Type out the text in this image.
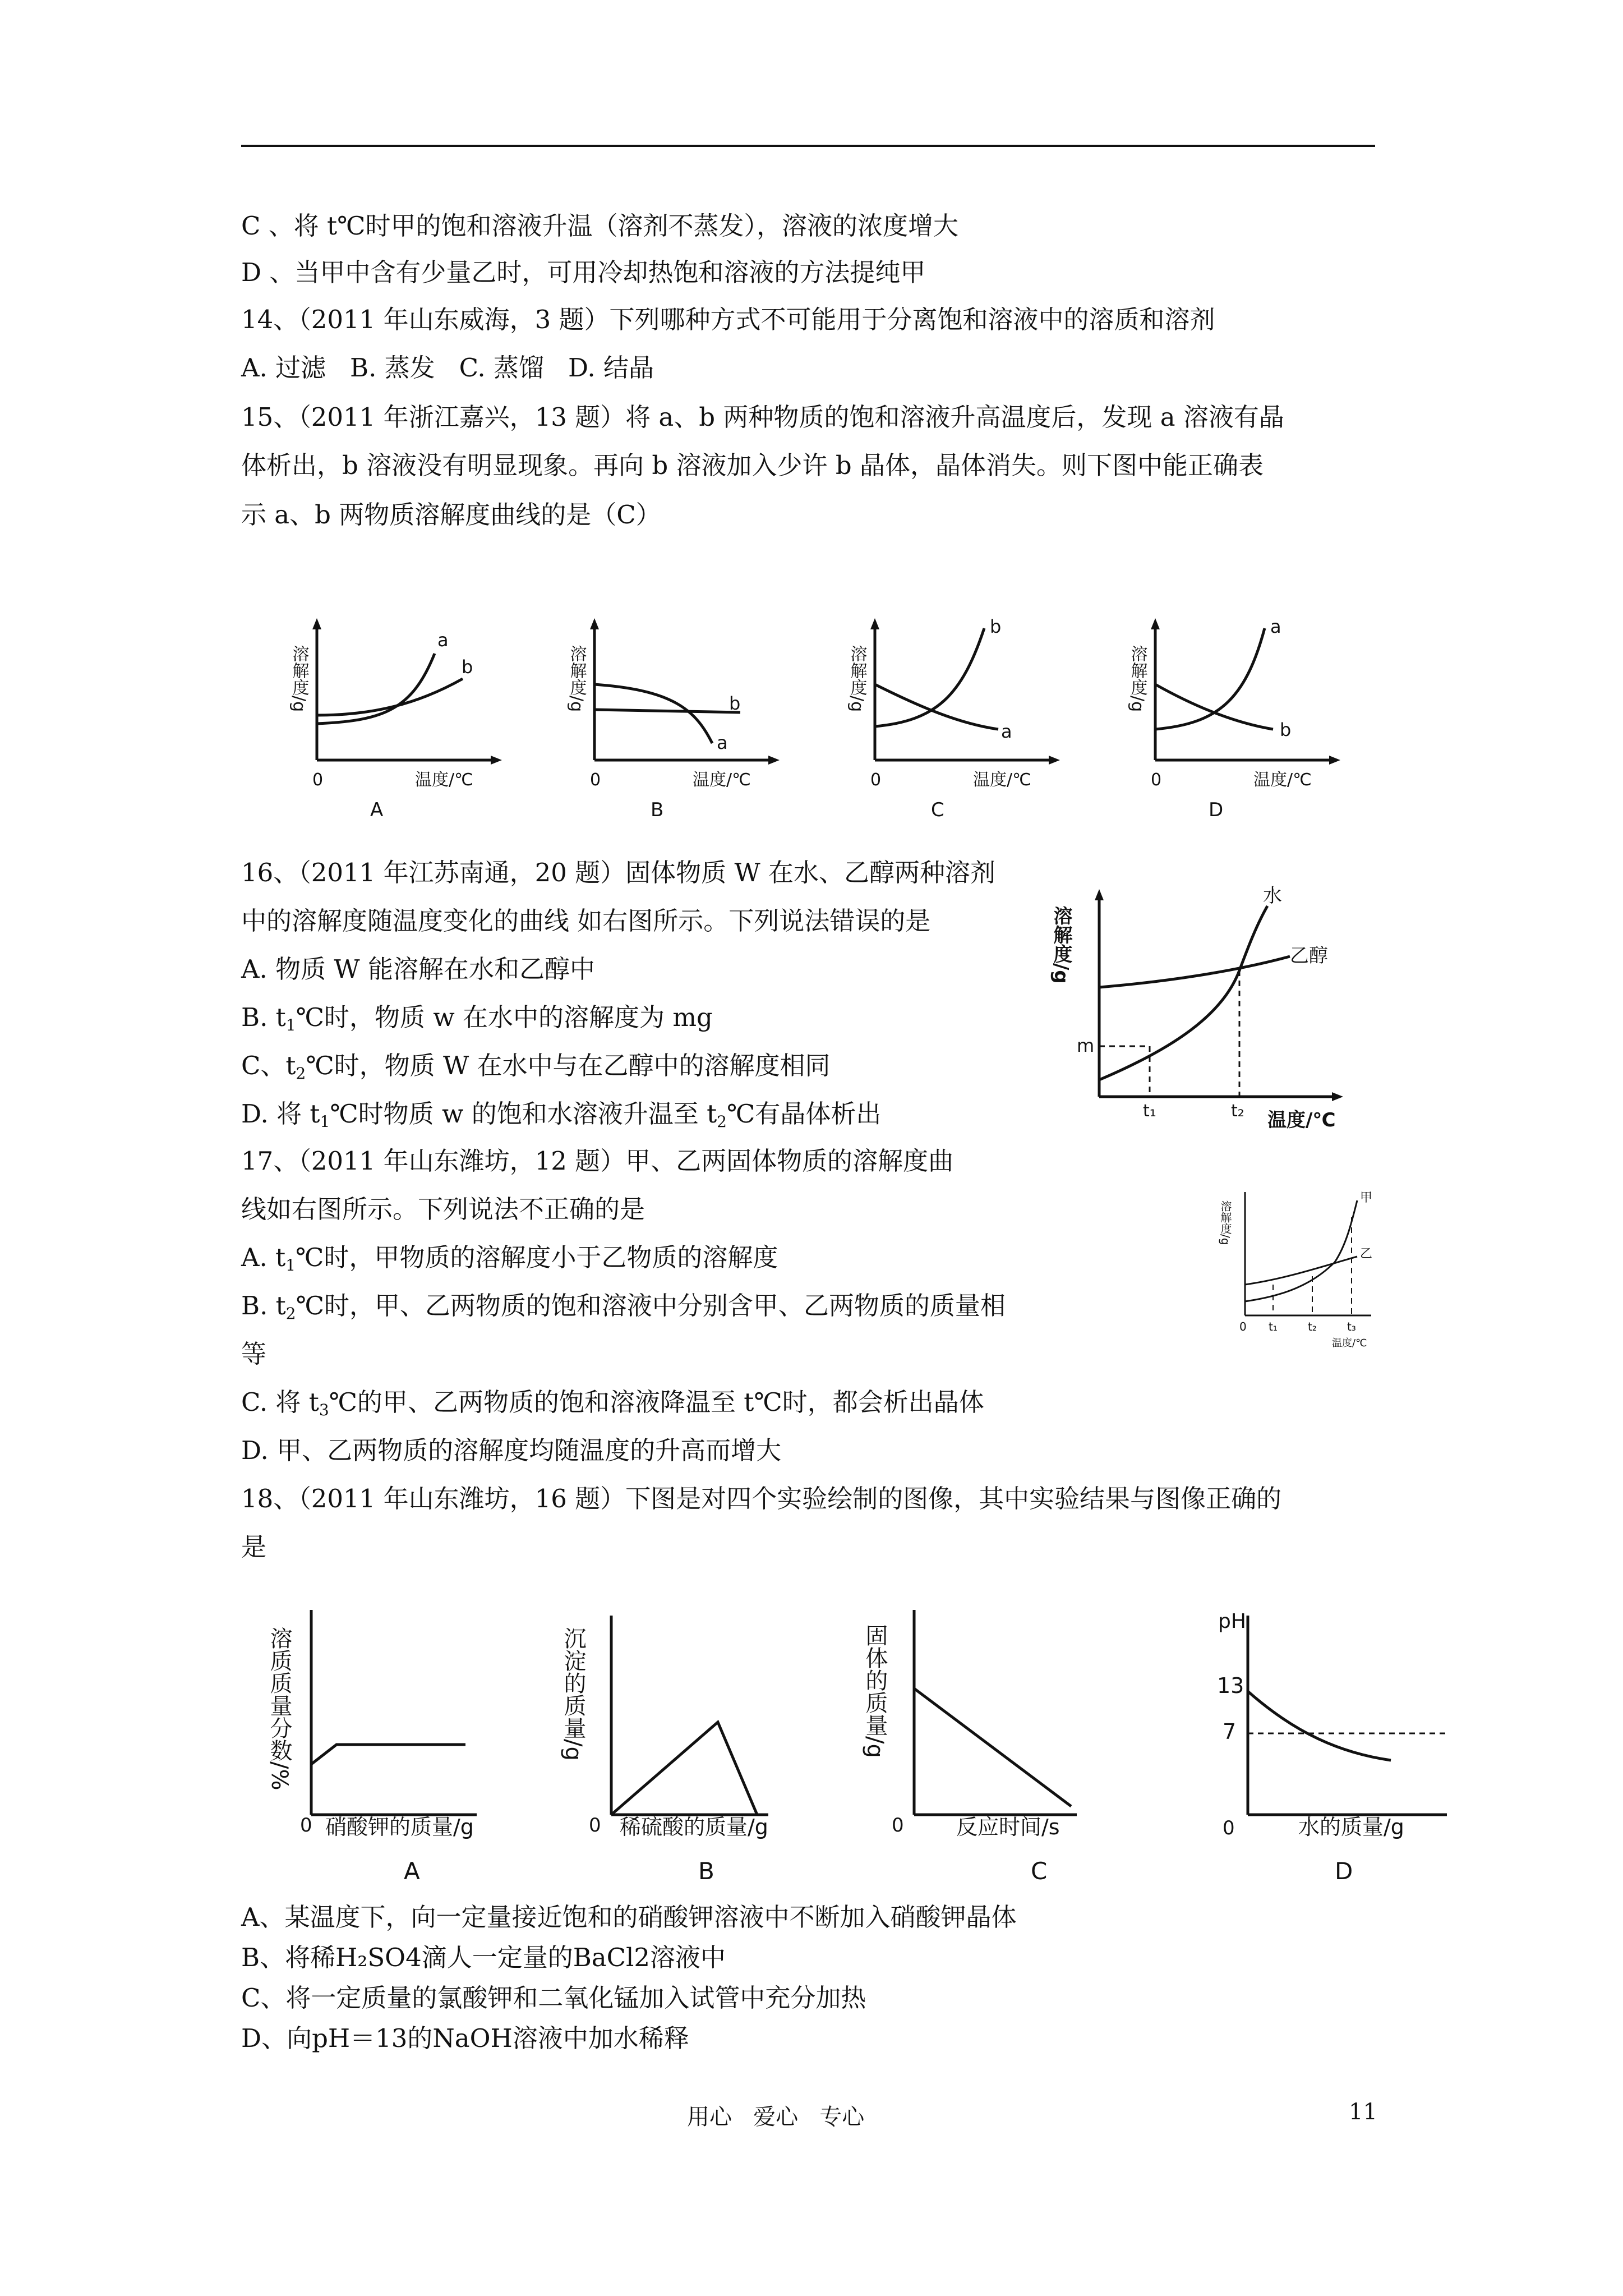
C 、将 t℃时甲的饱和溶液升温（溶剂不蒸发），溶液的浓度增大
D 、当甲中含有少量乙时，可用冷却热饱和溶液的方法提纯甲
14、（2011 年山东威海，3 题）下列哪种方式不可能用于分离饱和溶液中的溶质和溶剂
A. 过滤   B. 蒸发   C. 蒸馏   D. 结晶
15、（2011 年浙江嘉兴，13 题）将 a、b 两种物质的饱和溶液升高温度后，发现 a 溶液有晶
体析出，b 溶液没有明显现象。再向 b 溶液加入少许 b 晶体，晶体消失。则下图中能正确表
示 a、b 两物质溶解度曲线的是（C）
溶解度/g
0	温度/℃
a
b
A
溶解度/g
0	温度/℃
a
b
B
溶解度/g
0	温度/℃
b
a
C
溶解度/g
0	温度/℃
a
b
D
16、（2011 年江苏南通，20 题）固体物质 W 在水、乙醇两种溶剂
中的溶解度随温度变化的曲线 如右图所示。下列说法错误的是
A. 物质 W 能溶解在水和乙醇中
B. $t_1℃$时，物质 w 在水中的溶解度为 mg
C、$t_2℃$时，物质 W 在水中与在乙醇中的溶解度相同
D. 将 $t_1℃$时物质 w 的饱和水溶液升温至 $t_2℃$有晶体析出
溶解度/g
温度/℃
水
乙醇
m
t₁	t₂
17、（2011 年山东潍坊，12 题）甲、乙两固体物质的溶解度曲
线如右图所示。下列说法不正确的是
A. $t_1℃$时，甲物质的溶解度小于乙物质的溶解度
B. $t_2℃$时，甲、乙两物质的饱和溶液中分别含甲、乙两物质的质量相
等
C. 将 $t_3℃$的甲、乙两物质的饱和溶液降温至 t℃时，都会析出晶体
D. 甲、乙两物质的溶解度均随温度的升高而增大
溶解度/g
甲
乙
0 t₁	t₂	t₃
温度/℃
18、（2011 年山东潍坊，16 题）下图是对四个实验绘制的图像，其中实验结果与图像正确的
是
溶质质量分数/%
0 硝酸钾的质量/g
A
沉淀的质量/g
0 稀硫酸的质量/g
B
固体的质量/g
0 反应时间/s
C
pH
13
7
0	水的质量/g
D
A、某温度下，向一定量接近饱和的硝酸钾溶液中不断加入硝酸钾晶体
B、将稀H₂SO4滴人一定量的BaCl2溶液中
C、将一定质量的氯酸钾和二氧化锰加入试管中充分加热
D、向pH＝13的NaOH溶液中加水稀释
用心   爱心   专心	11
